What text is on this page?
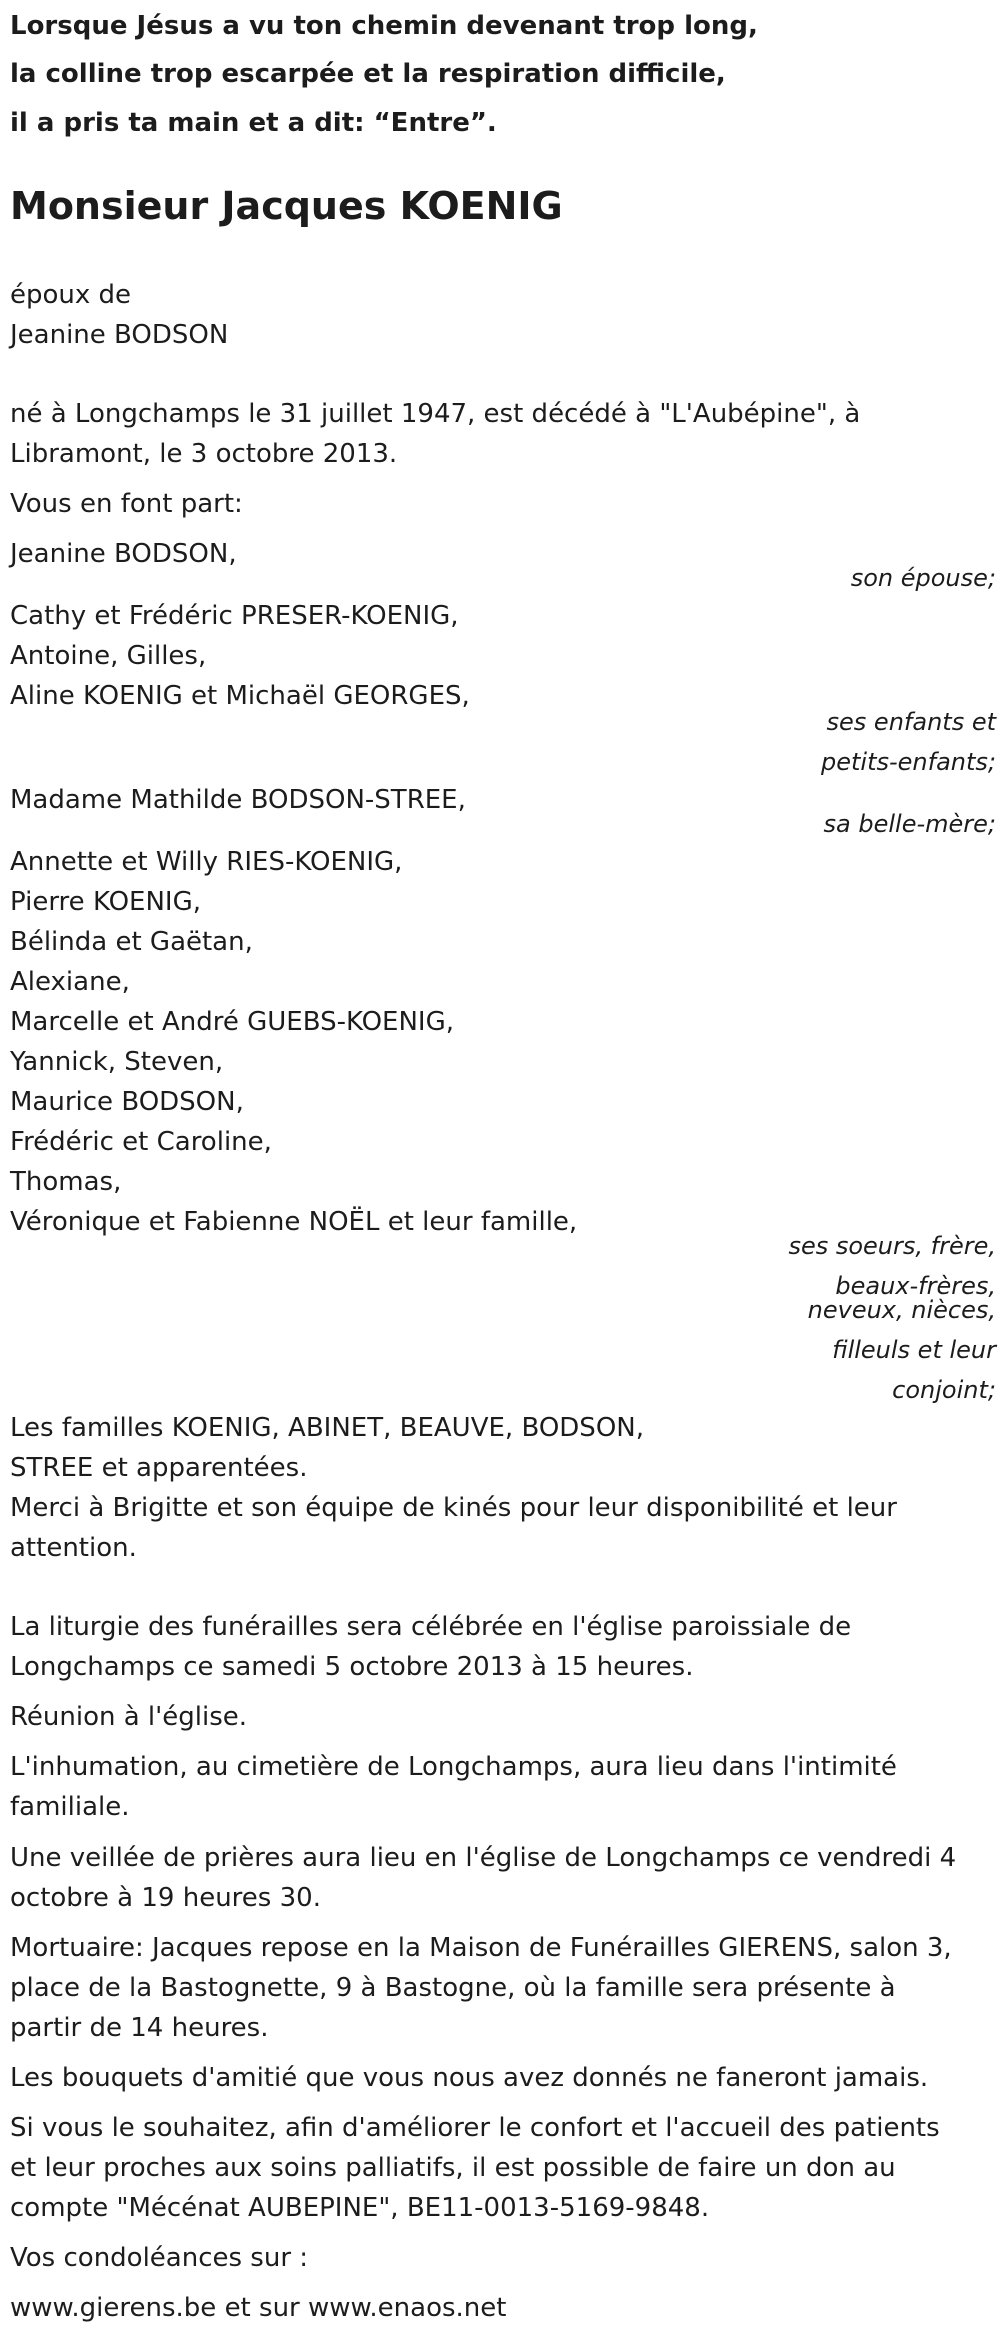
Lorsque Jésus a vu ton chemin devenant trop long,
la colline trop escarpée et la respiration difficile,
il a pris ta main et a dit: “Entre”.
Monsieur Jacques KOENIG
époux de
Jeanine BODSON
né à Longchamps le 31 juillet 1947, est décédé à "L'Aubépine", à
Libramont, le 3 octobre 2013.
Vous en font part:
Jeanine BODSON,
son épouse;
Cathy et Frédéric PRESER-KOENIG,
Antoine, Gilles,
Aline KOENIG et Michaël GEORGES,
ses enfants et
petits-enfants;
Madame Mathilde BODSON-STREE,
sa belle-mère;
Annette et Willy RIES-KOENIG,
Pierre KOENIG,
Bélinda et Gaëtan,
Alexiane,
Marcelle et André GUEBS-KOENIG,
Yannick, Steven,
Maurice BODSON,
Frédéric et Caroline,
Thomas,
Véronique et Fabienne NOËL et leur famille,
ses soeurs, frère,
beaux-frères,
neveux, nièces,
filleuls et leur
conjoint;
Les familles KOENIG, ABINET, BEAUVE, BODSON,
STREE et apparentées.
Merci à Brigitte et son équipe de kinés pour leur disponibilité et leur
attention.
La liturgie des funérailles sera célébrée en l'église paroissiale de
Longchamps ce samedi 5 octobre 2013 à 15 heures.
Réunion à l'église.
L'inhumation, au cimetière de Longchamps, aura lieu dans l'intimité
familiale.
Une veillée de prières aura lieu en l'église de Longchamps ce vendredi 4
octobre à 19 heures 30.
Mortuaire: Jacques repose en la Maison de Funérailles GIERENS, salon 3,
place de la Bastognette, 9 à Bastogne, où la famille sera présente à
partir de 14 heures.
Les bouquets d'amitié que vous nous avez donnés ne faneront jamais.
Si vous le souhaitez, afin d'améliorer le confort et l'accueil des patients
et leur proches aux soins palliatifs, il est possible de faire un don au
compte "Mécénat AUBEPINE", BE11-0013-5169-9848.
Vos condoléances sur :
www.gierens.be et sur www.enaos.net
